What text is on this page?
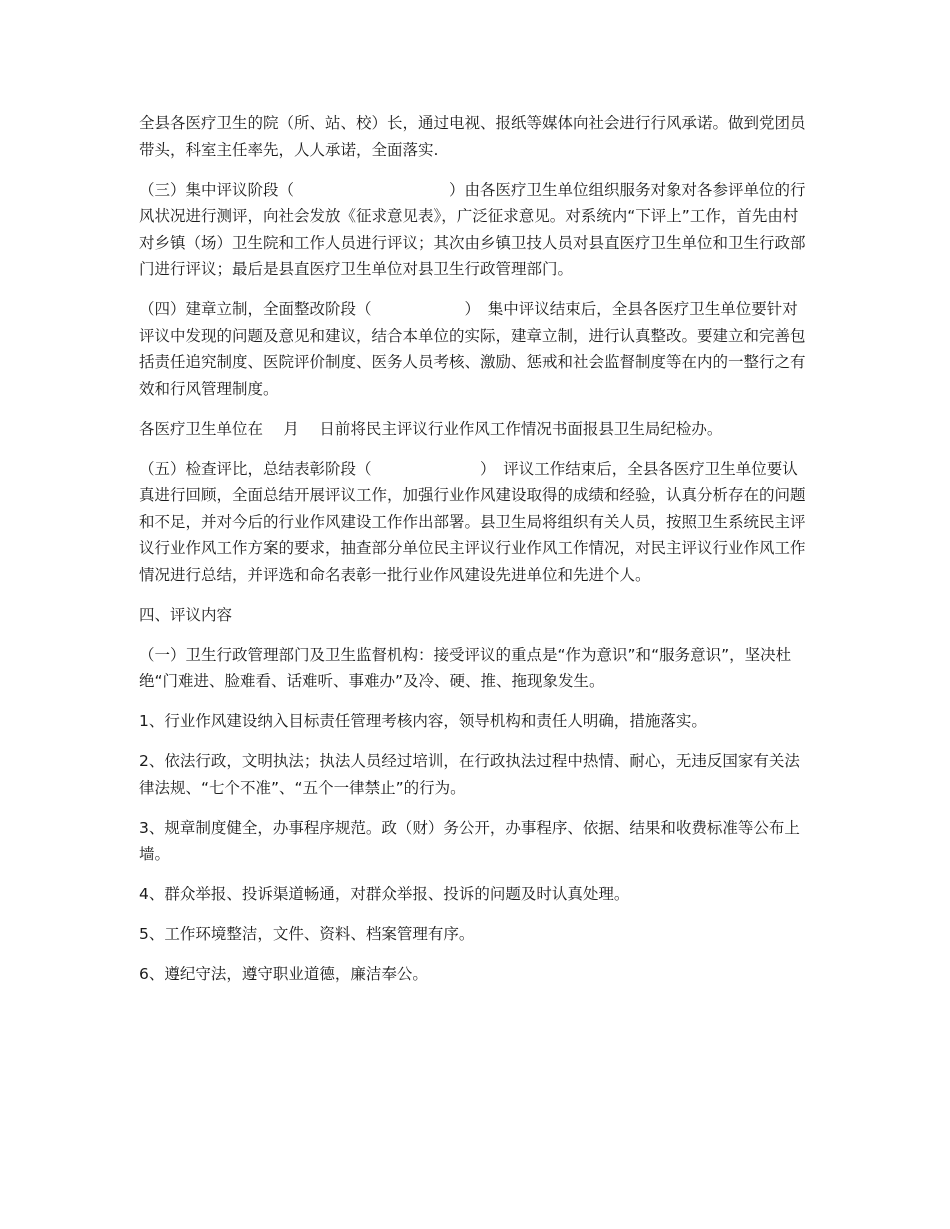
全县各医疗卫生的院（所、站、校）长，通过电视、报纸等媒体向社会进行行风承诺。做到党团员带头，科室主任率先，人人承诺，全面落实.

（三）集中评议阶段（　　　　　　　　　　）由各医疗卫生单位组织服务对象对各参评单位的行风状况进行测评，向社会发放《征求意见表》，广泛征求意见。对系统内“下评上”工作，首先由村对乡镇（场）卫生院和工作人员进行评议；其次由乡镇卫技人员对县直医疗卫生单位和卫生行政部门进行评议；最后是县直医疗卫生单位对县卫生行政管理部门。

（四）建章立制，全面整改阶段（　　　　　　）　集中评议结束后，全县各医疗卫生单位要针对评议中发现的问题及意见和建议，结合本单位的实际，建章立制，进行认真整改。要建立和完善包括责任追究制度、医院评价制度、医务人员考核、激励、惩戒和社会监督制度等在内的一整行之有效和行风管理制度。

各医疗卫生单位在　 月　 日前将民主评议行业作风工作情况书面报县卫生局纪检办。

（五）检查评比，总结表彰阶段（　　　　　　　）　评议工作结束后，全县各医疗卫生单位要认真进行回顾，全面总结开展评议工作，加强行业作风建设取得的成绩和经验，认真分析存在的问题和不足，并对今后的行业作风建设工作作出部署。县卫生局将组织有关人员，按照卫生系统民主评议行业作风工作方案的要求，抽查部分单位民主评议行业作风工作情况，对民主评议行业作风工作情况进行总结，并评选和命名表彰一批行业作风建设先进单位和先进个人。

四、评议内容

（一）卫生行政管理部门及卫生监督机构：接受评议的重点是“作为意识”和“服务意识”，坚决杜绝“门难进、脸难看、话难听、事难办”及冷、硬、推、拖现象发生。

1、行业作风建设纳入目标责任管理考核内容，领导机构和责任人明确，措施落实。

2、依法行政，文明执法；执法人员经过培训，在行政执法过程中热情、耐心，无违反国家有关法律法规、“七个不准”、“五个一律禁止”的行为。

3、规章制度健全，办事程序规范。政（财）务公开，办事程序、依据、结果和收费标准等公布上墙。

4、群众举报、投诉渠道畅通，对群众举报、投诉的问题及时认真处理。

5、工作环境整洁，文件、资料、档案管理有序。

6、遵纪守法，遵守职业道德，廉洁奉公。
